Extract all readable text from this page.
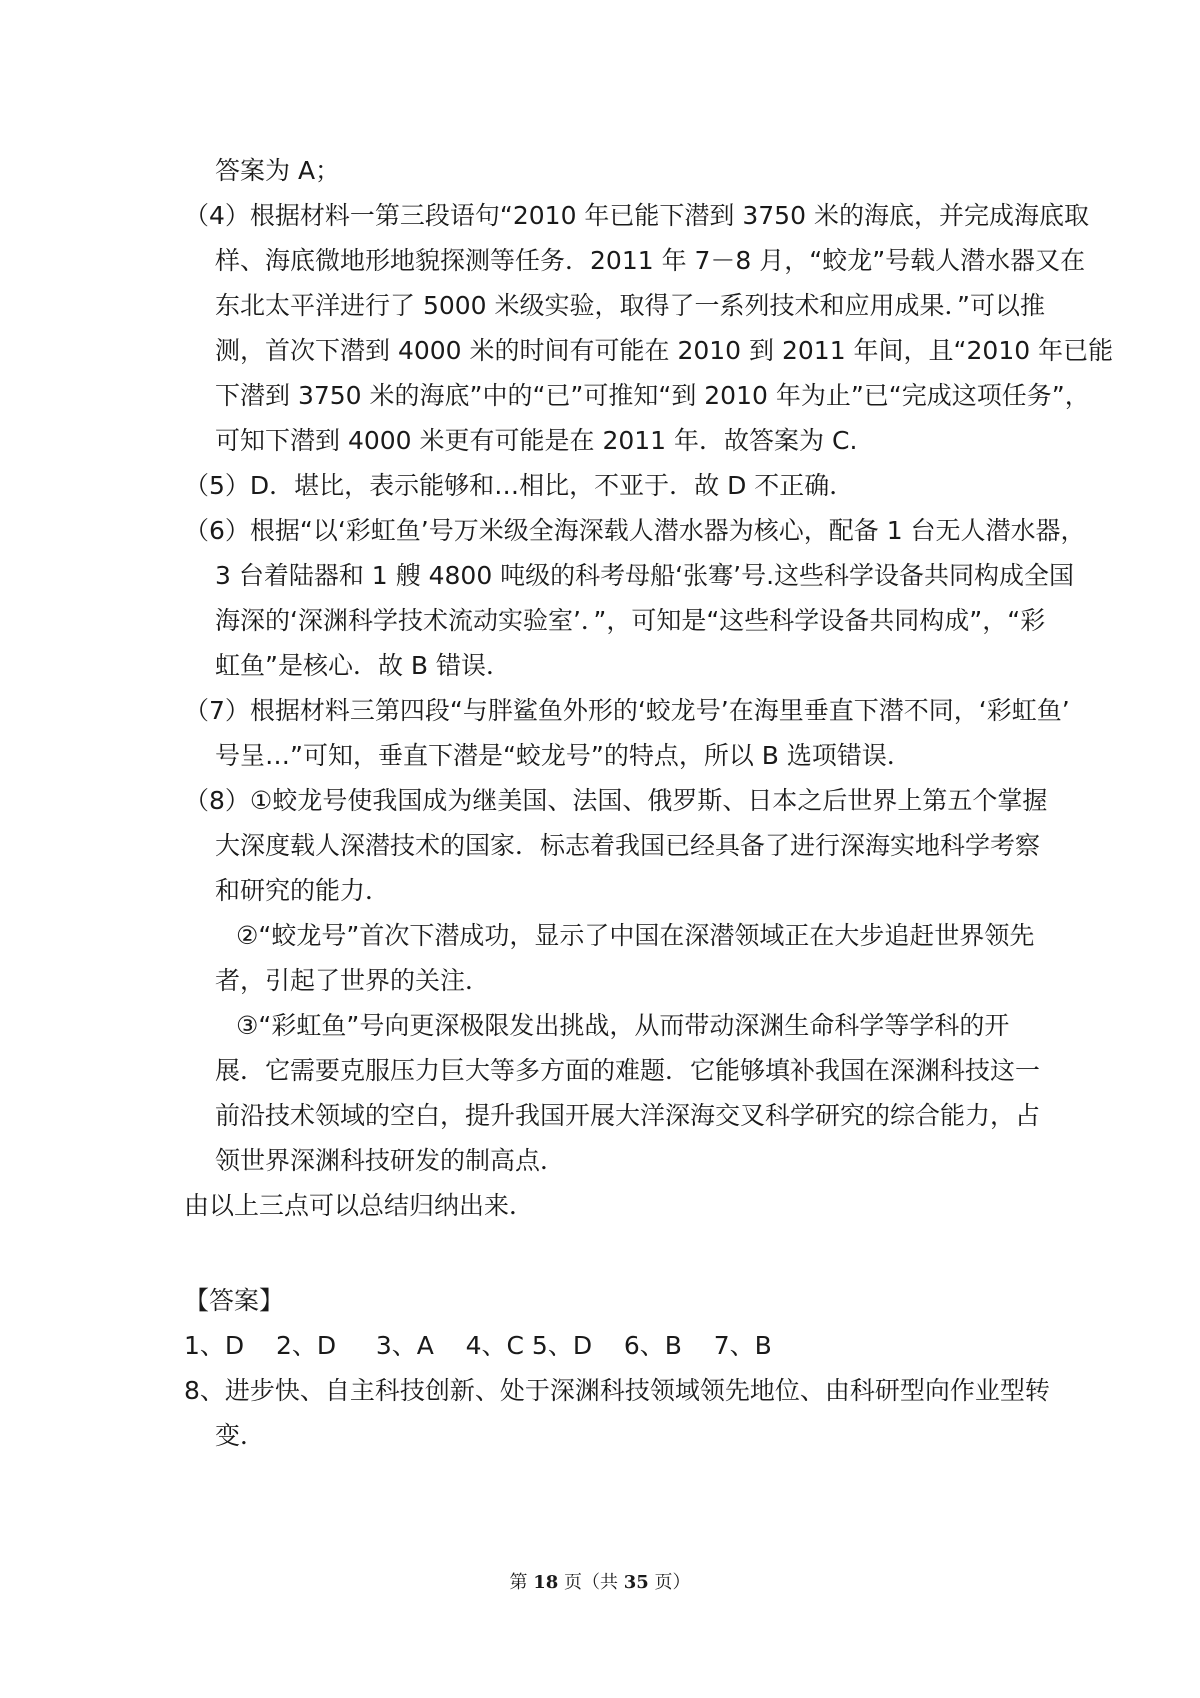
答案为 A；

（4）根据材料一第三段语句“2010 年已能下潜到 3750 米的海底，并完成海底取
样、海底微地形地貌探测等任务．2011 年 7－8 月，“蛟龙”号载人潜水器又在
东北太平洋进行了 5000 米级实验，取得了一系列技术和应用成果．”可以推
测，首次下潜到 4000 米的时间有可能在 2010 到 2011 年间，且“2010 年已能
下潜到 3750 米的海底”中的“已”可推知“到 2010 年为止”已“完成这项任务”，
可知下潜到 4000 米更有可能是在 2011 年．故答案为 C.

（5）D．堪比，表示能够和…相比，不亚于．故 D 不正确．

（6）根据“以‘彩虹鱼’号万米级全海深载人潜水器为核心，配备 1 台无人潜水器，
3 台着陆器和 1 艘 4800 吨级的科考母船‘张骞’号.这些科学设备共同构成全国
海深的‘深渊科学技术流动实验室’．”，可知是“这些科学设备共同构成”，“彩
虹鱼”是核心．故 B 错误．

（7）根据材料三第四段“与胖鲨鱼外形的‘蛟龙号’在海里垂直下潜不同，‘彩虹鱼’
号呈…”可知，垂直下潜是“蛟龙号”的特点，所以 B 选项错误．

（8）①蛟龙号使我国成为继美国、法国、俄罗斯、日本之后世界上第五个掌握
大深度载人深潜技术的国家．标志着我国已经具备了进行深海实地科学考察
和研究的能力．

②“蛟龙号”首次下潜成功，显示了中国在深潜领域正在大步追赶世界领先
者，引起了世界的关注．

③“彩虹鱼”号向更深极限发出挑战，从而带动深渊生命科学等学科的开
展．它需要克服压力巨大等多方面的难题．它能够填补我国在深渊科技这一
前沿技术领域的空白，提升我国开展大洋深海交叉科学研究的综合能力，占
领世界深渊科技研发的制高点．

由以上三点可以总结归纳出来．

【答案】

1、D    2、D     3、A    4、C 5、D    6、B    7、B

8、进步快、自主科技创新、处于深渊科技领域领先地位、由科研型向作业型转
变．

第 18 页（共 35 页）
